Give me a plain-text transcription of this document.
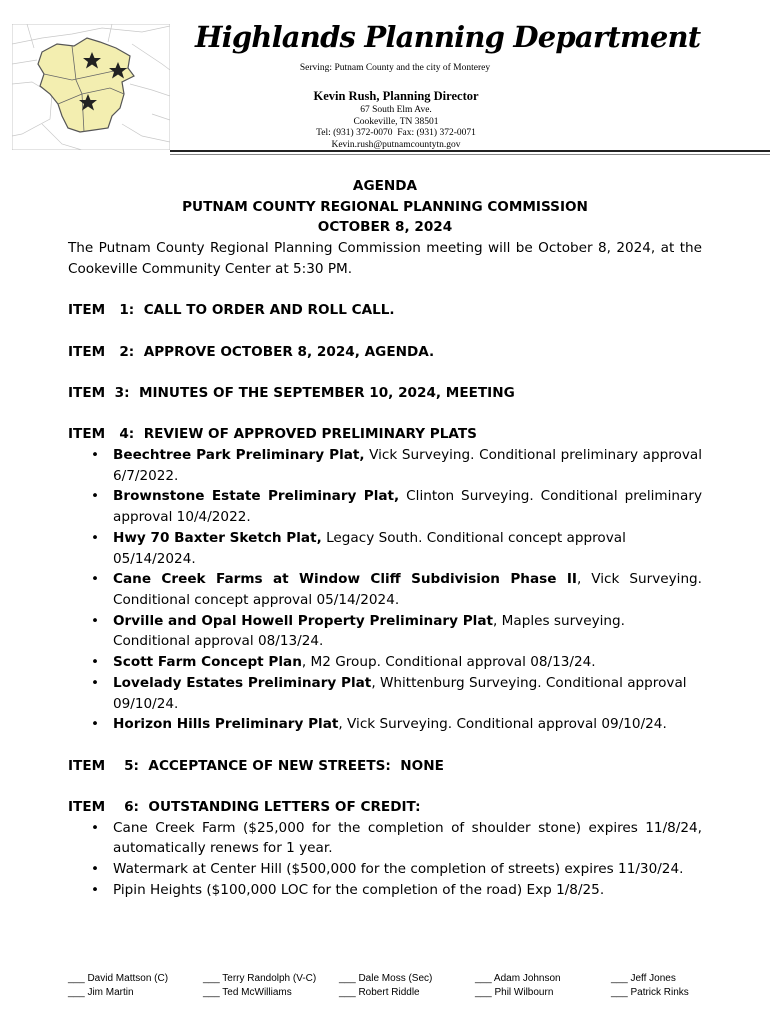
Highlands Planning Department
Serving: Putnam County and the city of Monterey
Kevin Rush, Planning Director
67 South Elm Ave.
Cookeville, TN 38501
Tel: (931) 372-0070  Fax: (931) 372-0071
Kevin.rush@putnamcountytn.gov
AGENDA
PUTNAM COUNTY REGIONAL PLANNING COMMISSION
OCTOBER 8, 2024

The Putnam County Regional Planning Commission meeting will be October 8, 2024, at the Cookeville Community Center at 5:30 PM.

ITEM   1:  CALL TO ORDER AND ROLL CALL.
ITEM   2:  APPROVE OCTOBER 8, 2024, AGENDA.
ITEM  3:  MINUTES OF THE SEPTEMBER 10, 2024, MEETING
ITEM   4:  REVIEW OF APPROVED PRELIMINARY PLATS
• Beechtree Park Preliminary Plat, Vick Surveying. Conditional preliminary approval 6/7/2022.
• Brownstone Estate Preliminary Plat, Clinton Surveying. Conditional preliminary approval 10/4/2022.
• Hwy 70 Baxter Sketch Plat, Legacy South. Conditional concept approval 05/14/2024.
• Cane Creek Farms at Window Cliff Subdivision Phase II, Vick Surveying. Conditional concept approval 05/14/2024.
• Orville and Opal Howell Property Preliminary Plat, Maples surveying. Conditional approval 08/13/24.
• Scott Farm Concept Plan, M2 Group. Conditional approval 08/13/24.
• Lovelady Estates Preliminary Plat, Whittenburg Surveying. Conditional approval 09/10/24.
• Horizon Hills Preliminary Plat, Vick Surveying. Conditional approval 09/10/24.
ITEM    5:  ACCEPTANCE OF NEW STREETS:  NONE
ITEM    6:  OUTSTANDING LETTERS OF CREDIT:
• Cane Creek Farm ($25,000 for the completion of shoulder stone) expires 11/8/24, automatically renews for 1 year.
• Watermark at Center Hill ($500,000 for the completion of streets) expires 11/30/24.
• Pipin Heights ($100,000 LOC for the completion of the road) Exp 1/8/25.
___ David Mattson (C)
___ Jim Martin
___ Terry Randolph (V-C)
___ Ted McWilliams
___ Dale Moss (Sec)
___ Robert Riddle
___ Adam Johnson
___ Phil Wilbourn
___ Jeff Jones
___ Patrick Rinks
